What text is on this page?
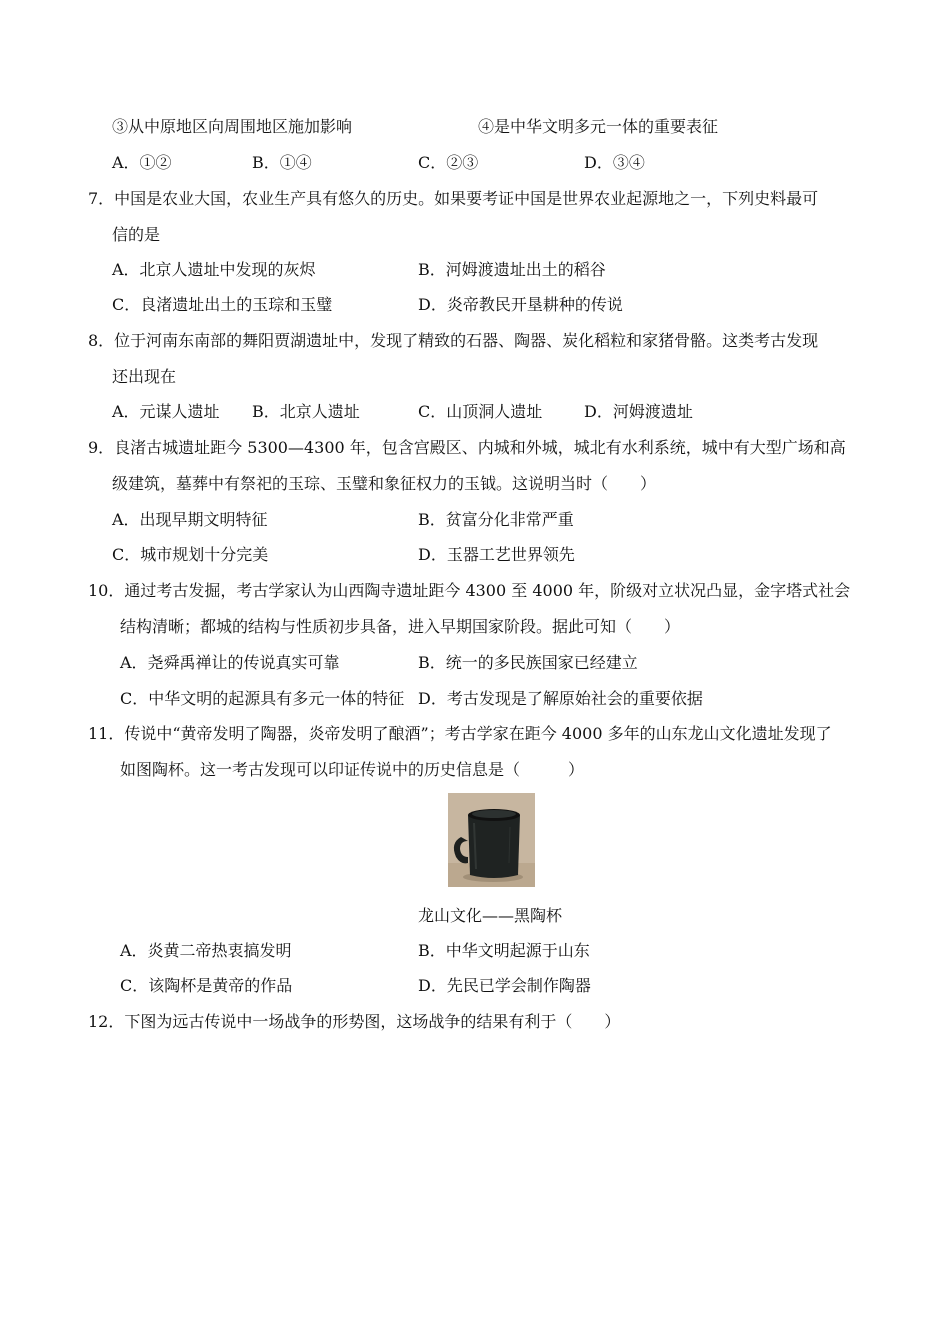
③从中原地区向周围地区施加影响	④是中华文明多元一体的重要表征
A．①②	B．①④	C．②③	D．③④
7．中国是农业大国，农业生产具有悠久的历史。如果要考证中国是世界农业起源地之一，下列史料最可
信的是
A．北京人遗址中发现的灰烬	B．河姆渡遗址出土的稻谷
C．良渚遗址出土的玉琮和玉璧	D．炎帝教民开垦耕种的传说
8．位于河南东南部的舞阳贾湖遗址中，发现了精致的石器、陶器、炭化稻粒和家猪骨骼。这类考古发现
还出现在
A．元谋人遗址 B．北京人遗址	C．山顶洞人遗址	D．河姆渡遗址
9．良渚古城遗址距今 5300—4300 年，包含宫殿区、内城和外城，城北有水利系统，城中有大型广场和高
级建筑，墓葬中有祭祀的玉琮、玉璧和象征权力的玉钺。这说明当时（　　）
A．出现早期文明特征	B．贫富分化非常严重
C．城市规划十分完美	D．玉器工艺世界领先
10．通过考古发掘，考古学家认为山西陶寺遗址距今 4300 至 4000 年，阶级对立状况凸显，金字塔式社会
结构清晰；都城的结构与性质初步具备，进入早期国家阶段。据此可知（　　）
A．尧舜禹禅让的传说真实可靠	B．统一的多民族国家已经建立
C．中华文明的起源具有多元一体的特征 D．考古发现是了解原始社会的重要依据
11．传说中“黄帝发明了陶器，炎帝发明了酿酒”；考古学家在距今 4000 多年的山东龙山文化遗址发现了
如图陶杯。这一考古发现可以印证传说中的历史信息是（　　　）
龙山文化——黑陶杯
A．炎黄二帝热衷搞发明	B．中华文明起源于山东
C．该陶杯是黄帝的作品	D．先民已学会制作陶器
12．下图为远古传说中一场战争的形势图，这场战争的结果有利于（　　）
